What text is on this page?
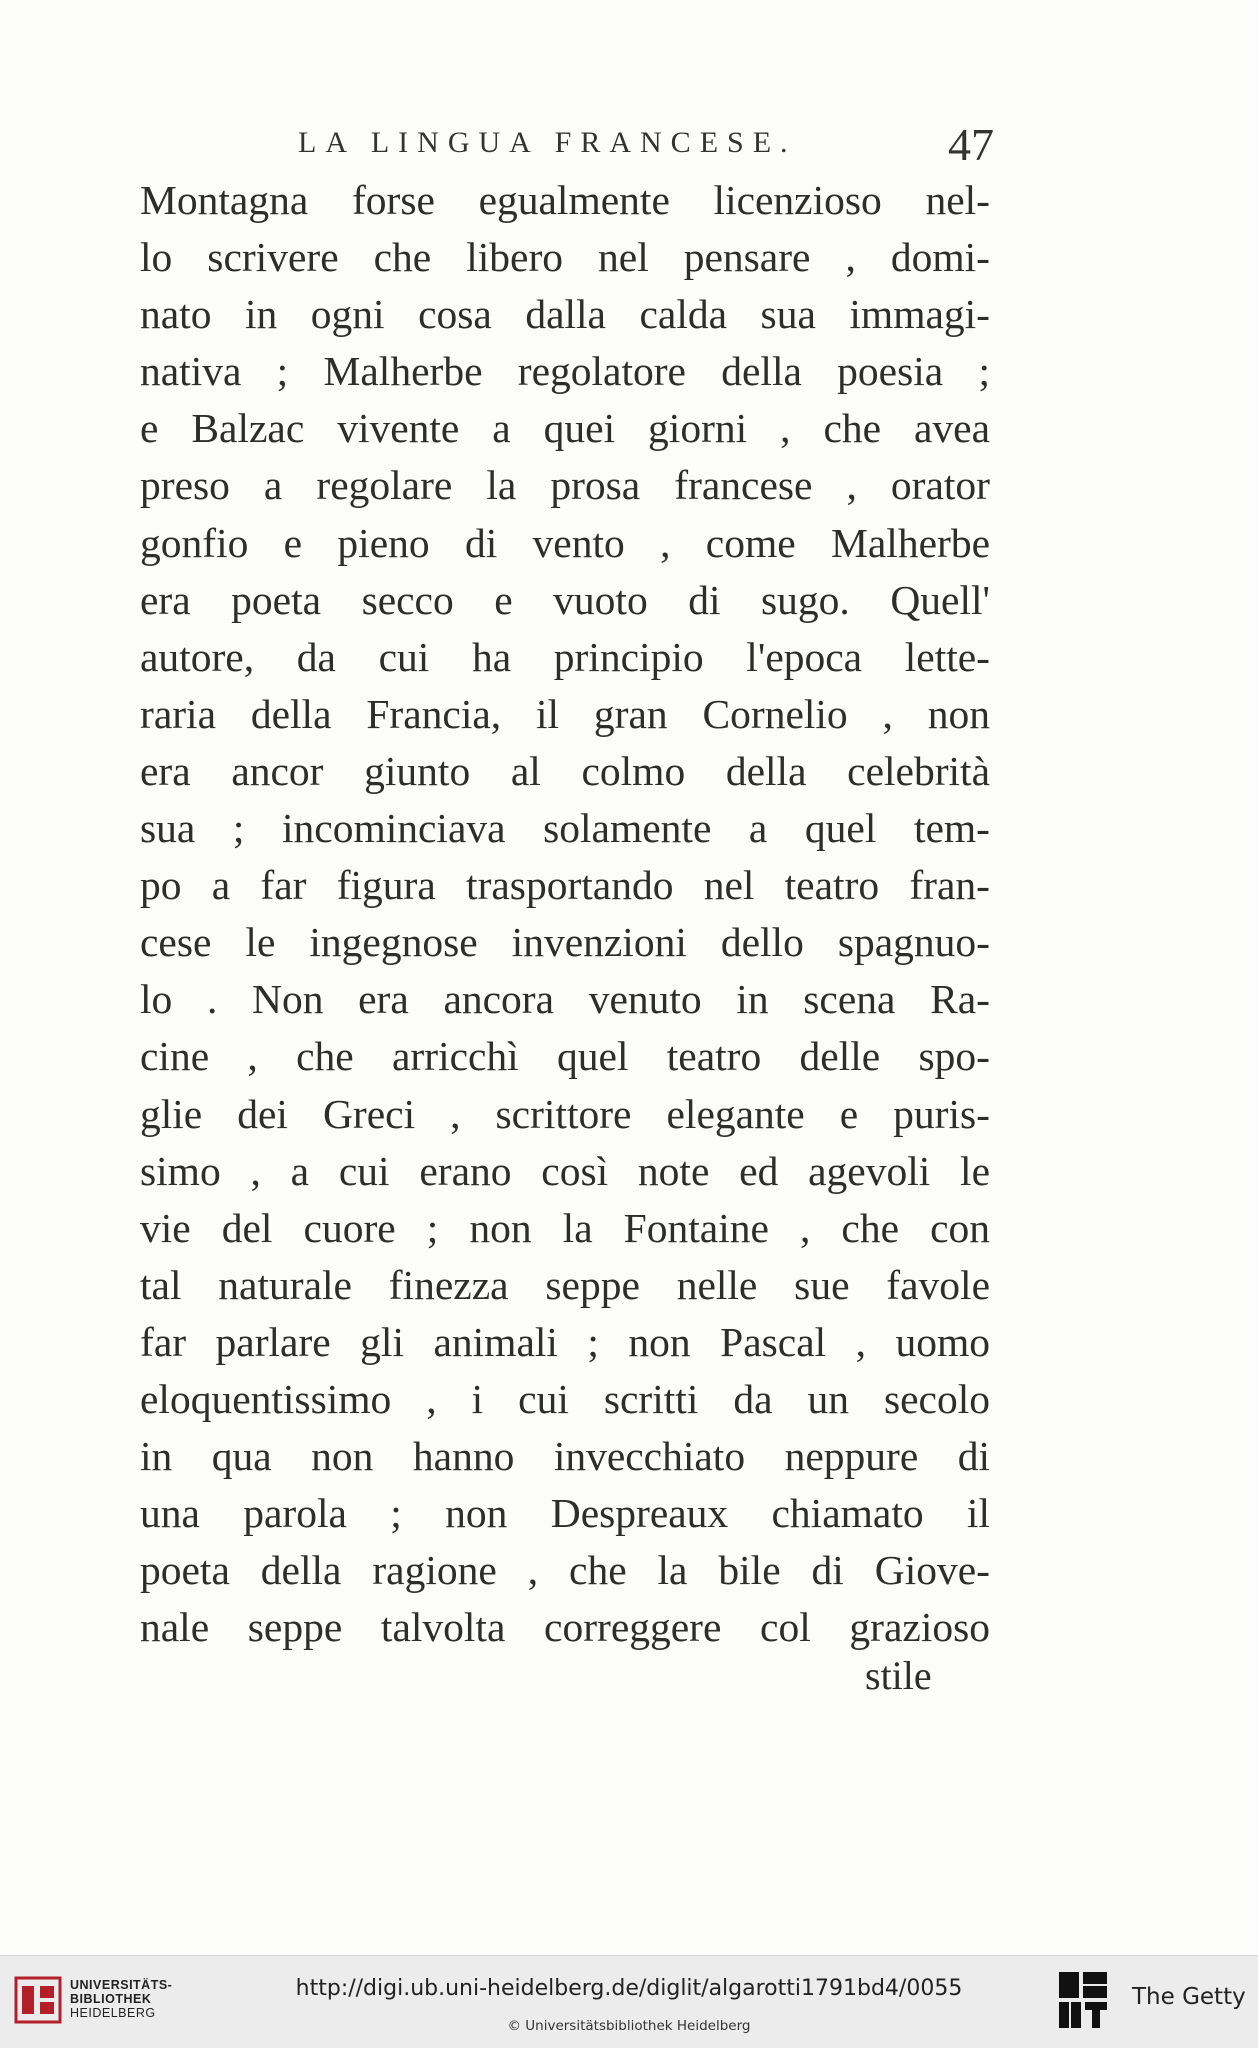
LA LINGUA FRANCESE.	47
Montagna forse egualmente licenzioso nel-
lo scrivere che libero nel pensare , domi-
nato in ogni cosa dalla calda sua immagi-
nativa ; Malherbe regolatore della poesia ;
e Balzac vivente a quei giorni , che avea
preso a regolare la prosa francese , orator
gonfio e pieno di vento , come Malherbe
era poeta secco e vuoto di sugo. Quell'
autore, da cui ha principio l'epoca lette-
raria della Francia, il gran Cornelio , non
era ancor giunto al colmo della celebrità
sua ; incominciava solamente a quel tem-
po a far figura trasportando nel teatro fran-
cese le ingegnose invenzioni dello spagnuo-
lo . Non era ancora venuto in scena Ra-
cine , che arricchì quel teatro delle spo-
glie dei Greci , scrittore elegante e puris-
simo , a cui erano così note ed agevoli le
vie del cuore ; non la Fontaine , che con
tal naturale finezza seppe nelle sue favole
far parlare gli animali ; non Pascal , uomo
eloquentissimo , i cui scritti da un secolo
in qua non hanno invecchiato neppure di
una parola ; non Despreaux chiamato il
poeta della ragione , che la bile di Giove-
nale seppe talvolta correggere col grazioso
stile
UNIVERSITÄTS-
BIBLIOTHEK
HEIDELBERG
http://digi.ub.uni-heidelberg.de/diglit/algarotti1791bd4/0055
© Universitätsbibliothek Heidelberg
The Getty
